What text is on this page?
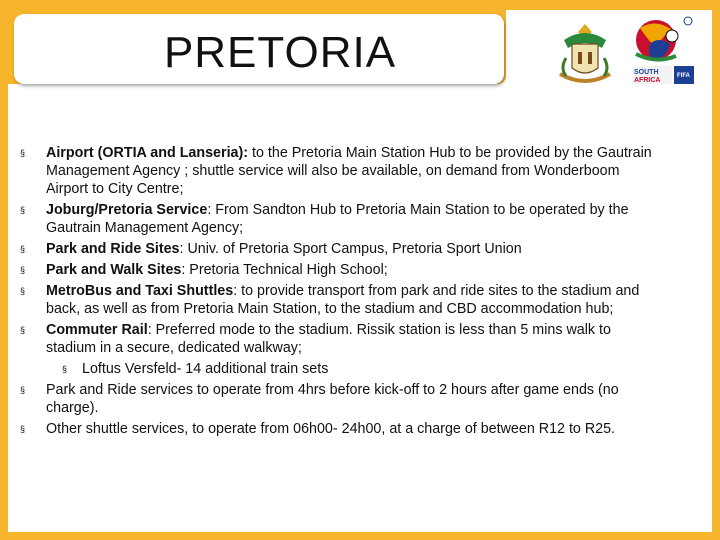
PRETORIA	SOUTH
AFRICA
FIFA
§	Airport (ORTIA and Lanseria): to the Pretoria Main Station Hub to be provided by the Gautrain Management Agency ; shuttle service will also be available, on demand from Wonderboom Airport to City Centre;
§	Joburg/Pretoria Service: From Sandton Hub to Pretoria Main Station to be operated by the Gautrain Management Agency;
§	Park and Ride Sites: Univ. of Pretoria Sport Campus, Pretoria Sport Union
§	Park and Walk Sites: Pretoria Technical High School;
§	MetroBus and Taxi Shuttles: to provide transport from park and ride sites to the stadium and back, as well as from Pretoria Main Station, to the stadium and CBD accommodation hub;
§	Commuter Rail: Preferred mode to the stadium. Rissik station is less than 5 mins walk to stadium in a secure, dedicated walkway;
§ Loftus Versfeld- 14 additional train sets
§	Park and Ride services to operate from 4hrs before kick-off to 2 hours after game ends (no charge).
§	Other shuttle services, to operate from 06h00- 24h00, at a charge of between R12 to R25.
